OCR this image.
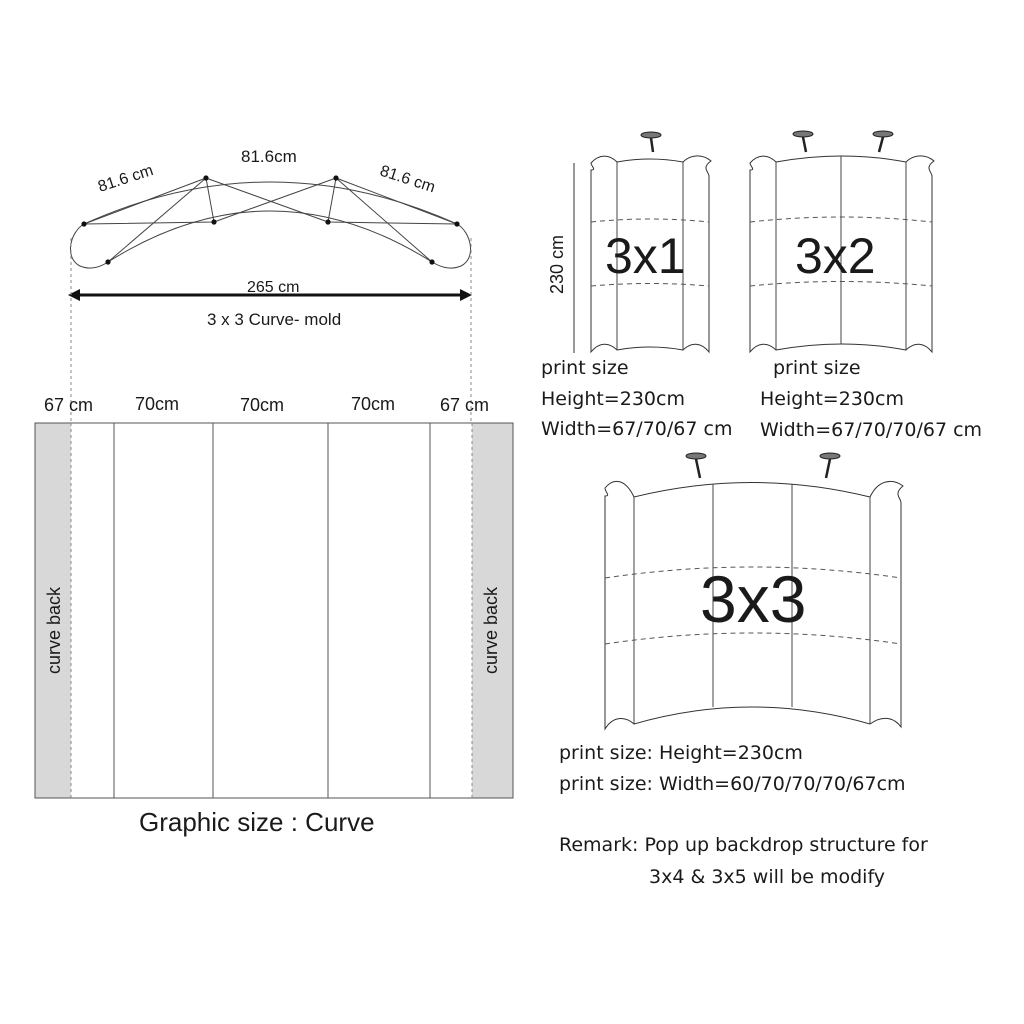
81.6 cm
81.6cm
81.6 cm
265 cm
3 x 3 Curve- mold
67 cm 70cm	70cm	70cm 67 cm
curve back	curve back
Graphic size : Curve
230 cm 3x1
print size
Height=230cm
Width=67/70/67 cm
3x2
print size
Height=230cm
Width=67/70/70/67 cm
3x3
print size: Height=230cm
print size: Width=60/70/70/70/67cm
Remark: Pop up backdrop structure for
3x4 & 3x5 will be modify
